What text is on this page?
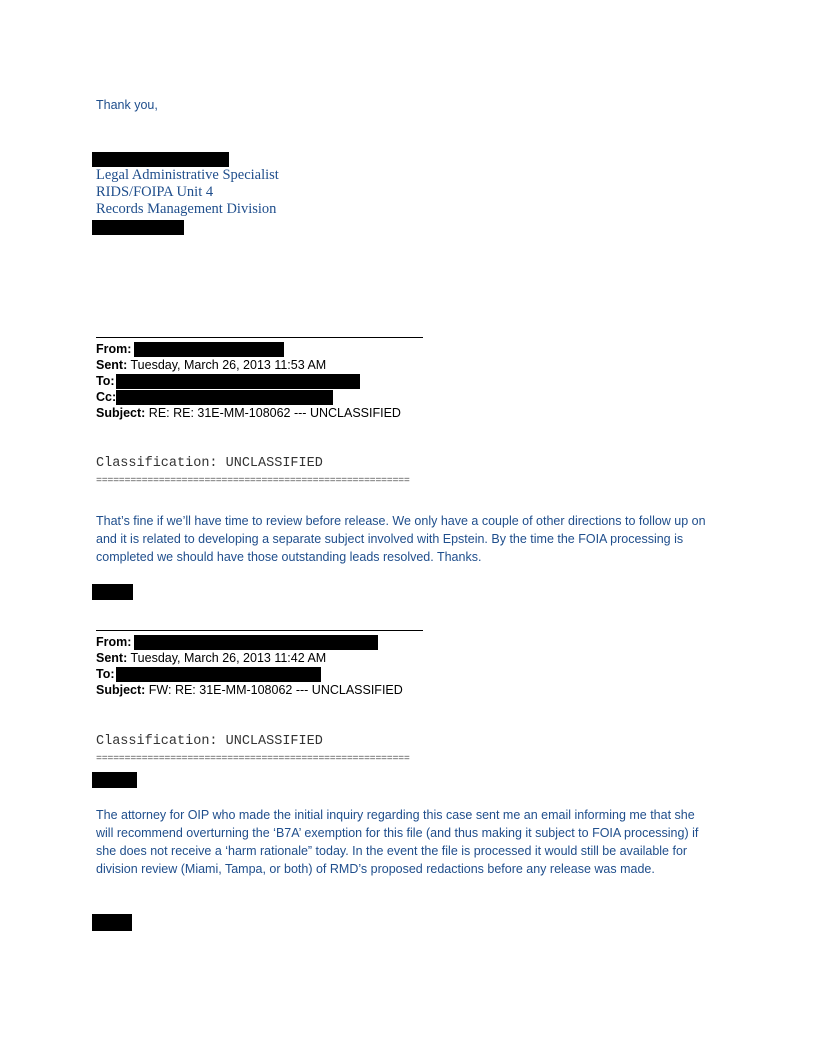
Thank you,
Legal Administrative Specialist
RIDS/FOIPA Unit 4
Records Management Division
From:
Sent: Tuesday, March 26, 2013 11:53 AM
To:
Cc:
Subject: RE: RE: 31E-MM-108062 --- UNCLASSIFIED
Classification: UNCLASSIFIED
=======================================================
That’s fine if we’ll have time to review before release. We only have a couple of other directions to follow up on and it is related to developing a separate subject involved with Epstein. By the time the FOIA processing is completed we should have those outstanding leads resolved. Thanks.
From:
Sent: Tuesday, March 26, 2013 11:42 AM
To:
Subject: FW: RE: 31E-MM-108062 --- UNCLASSIFIED
Classification: UNCLASSIFIED
=======================================================
The attorney for OIP who made the initial inquiry regarding this case sent me an email informing me that she will recommend overturning the ‘B7A’ exemption for this file (and thus making it subject to FOIA processing) if she does not receive a ‘harm rationale” today. In the event the file is processed it would still be available for division review (Miami, Tampa, or both) of RMD’s proposed redactions before any release was made.
